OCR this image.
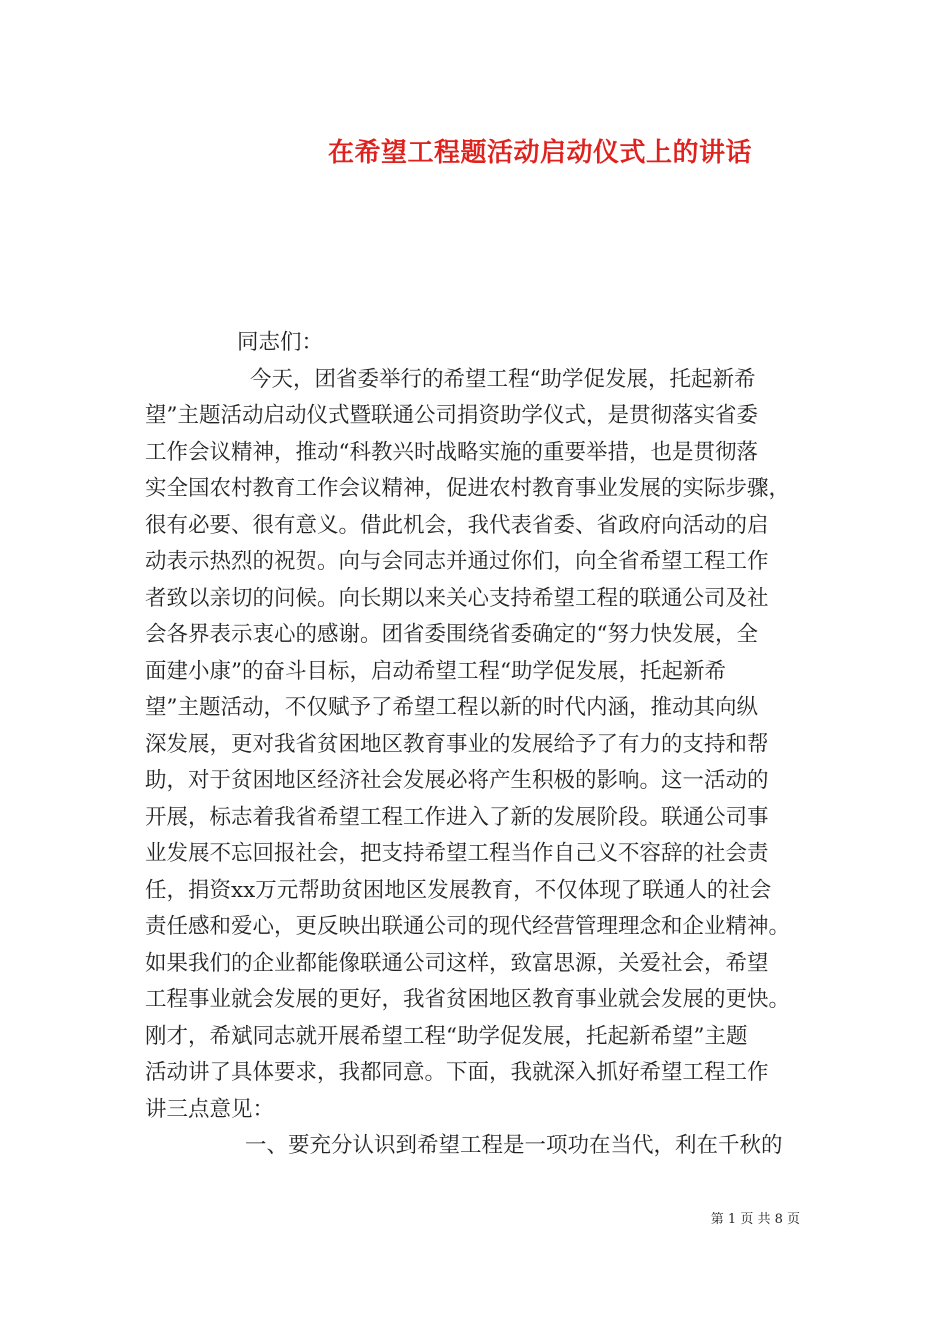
在希望工程题活动启动仪式上的讲话
同志们：
今天，团省委举行的希望工程“助学促发展，托起新希
望”主题活动启动仪式暨联通公司捐资助学仪式，是贯彻落实省委
工作会议精神，推动“科教兴时战略实施的重要举措，也是贯彻落
实全国农村教育工作会议精神，促进农村教育事业发展的实际步骤，
很有必要、很有意义。借此机会，我代表省委、省政府向活动的启
动表示热烈的祝贺。向与会同志并通过你们，向全省希望工程工作
者致以亲切的问候。向长期以来关心支持希望工程的联通公司及社
会各界表示衷心的感谢。团省委围绕省委确定的“努力快发展，全
面建小康”的奋斗目标，启动希望工程“助学促发展，托起新希
望”主题活动，不仅赋予了希望工程以新的时代内涵，推动其向纵
深发展，更对我省贫困地区教育事业的发展给予了有力的支持和帮
助，对于贫困地区经济社会发展必将产生积极的影响。这一活动的
开展，标志着我省希望工程工作进入了新的发展阶段。联通公司事
业发展不忘回报社会，把支持希望工程当作自己义不容辞的社会责
任，捐资xx万元帮助贫困地区发展教育，不仅体现了联通人的社会
责任感和爱心，更反映出联通公司的现代经营管理理念和企业精神。
如果我们的企业都能像联通公司这样，致富思源，关爱社会，希望
工程事业就会发展的更好，我省贫困地区教育事业就会发展的更快。
刚才，希斌同志就开展希望工程“助学促发展，托起新希望”主题
活动讲了具体要求，我都同意。下面，我就深入抓好希望工程工作
讲三点意见：
一、要充分认识到希望工程是一项功在当代，利在千秋的
第 1 页 共 8 页
